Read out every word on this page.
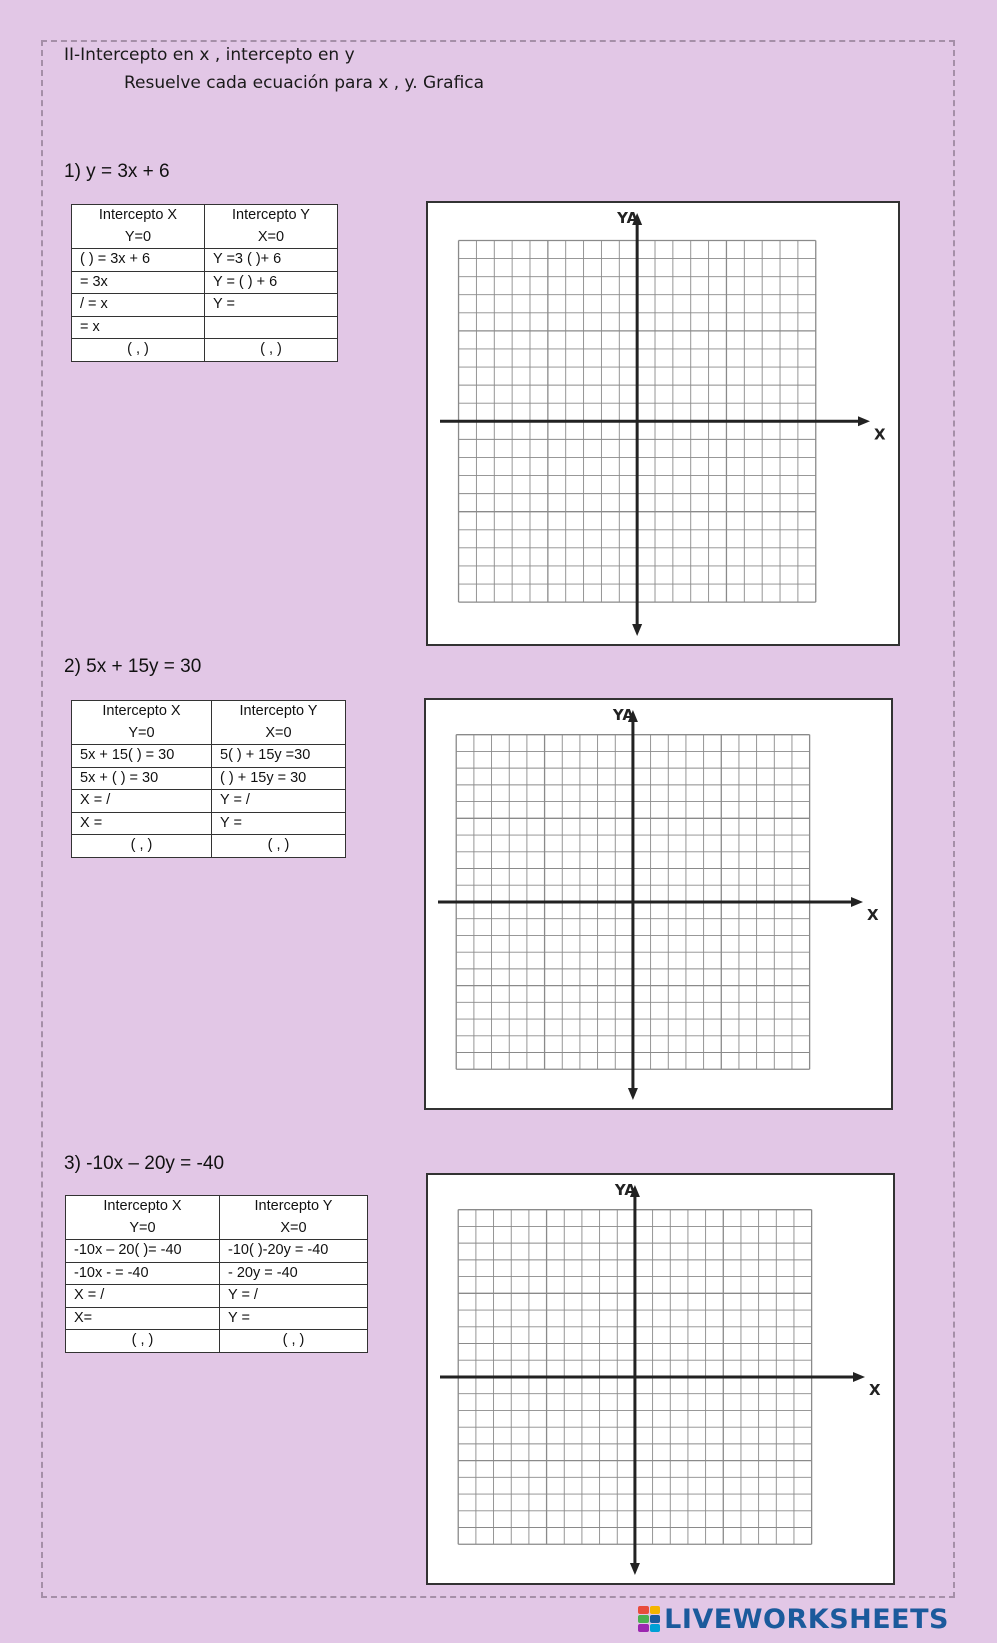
II-Intercepto en x , intercepto en y
Resuelve cada ecuación para x , y. Grafica
1) y = 3x + 6
Intercepto X	Intercepto Y
Y=0	X=0
( ) = 3x + 6	Y =3 ( )+ 6
= 3x	Y = ( ) + 6
/ = x	Y =
= x	
( , )	( , )
YA
X
2) 5x + 15y = 30
Intercepto X	Intercepto Y
Y=0	X=0
5x + 15( ) = 30	5( ) + 15y =30
5x + ( ) = 30	( ) + 15y = 30
X = /	Y = /
X =	Y =
( , )	( , )
YA
X
3) -10x – 20y = -40
Intercepto X	Intercepto Y
Y=0	X=0
-10x – 20( )= -40	-10( )-20y = -40
-10x - = -40	- 20y = -40
X = /	Y = /
X=	Y =
( , )	( , )
YA
X
LIVEWORKSHEETS
